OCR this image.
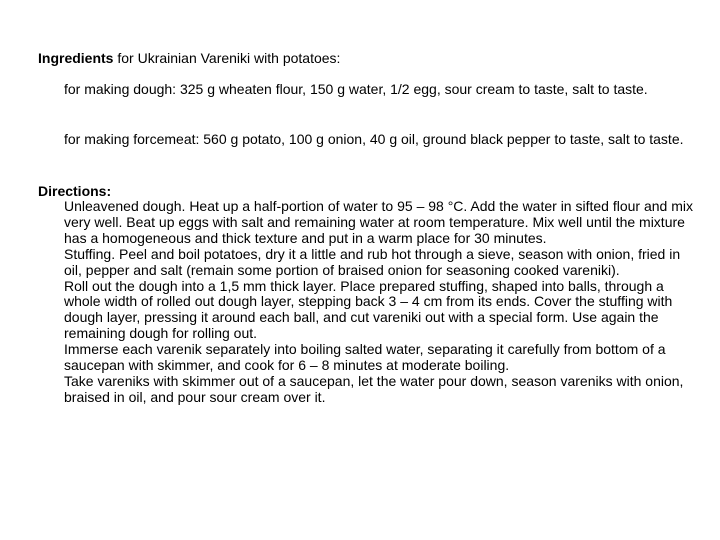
Ingredients for Ukrainian Vareniki with potatoes:
for making dough: 325 g wheaten flour, 150 g water, 1/2 egg, sour cream to taste, salt to taste.
for making forcemeat: 560 g potato, 100 g onion, 40 g oil, ground black pepper to taste, salt to taste.
Directions:

Unleavened dough. Heat up a half-portion of water to 95 – 98 °C. Add the water in sifted flour and mix very well. Beat up eggs with salt and remaining water at room temperature. Mix well until the mixture has a homogeneous and thick texture and put in a warm place for 30 minutes.

Stuffing. Peel and boil potatoes, dry it a little and rub hot through a sieve, season with onion, fried in oil, pepper and salt (remain some portion of braised onion for seasoning cooked vareniki).

Roll out the dough into a 1,5 mm thick layer. Place prepared stuffing, shaped into balls, through a whole width of rolled out dough layer, stepping back 3 – 4 cm from its ends. Cover the stuffing with dough layer, pressing it around each ball, and cut vareniki out with a special form. Use again the remaining dough for rolling out.

Immerse each varenik separately into boiling salted water, separating it carefully from bottom of a saucepan with skimmer, and cook for 6 – 8 minutes at moderate boiling.

Take vareniks with skimmer out of a saucepan, let the water pour down, season vareniks with onion, braised in oil, and pour sour cream over it.
